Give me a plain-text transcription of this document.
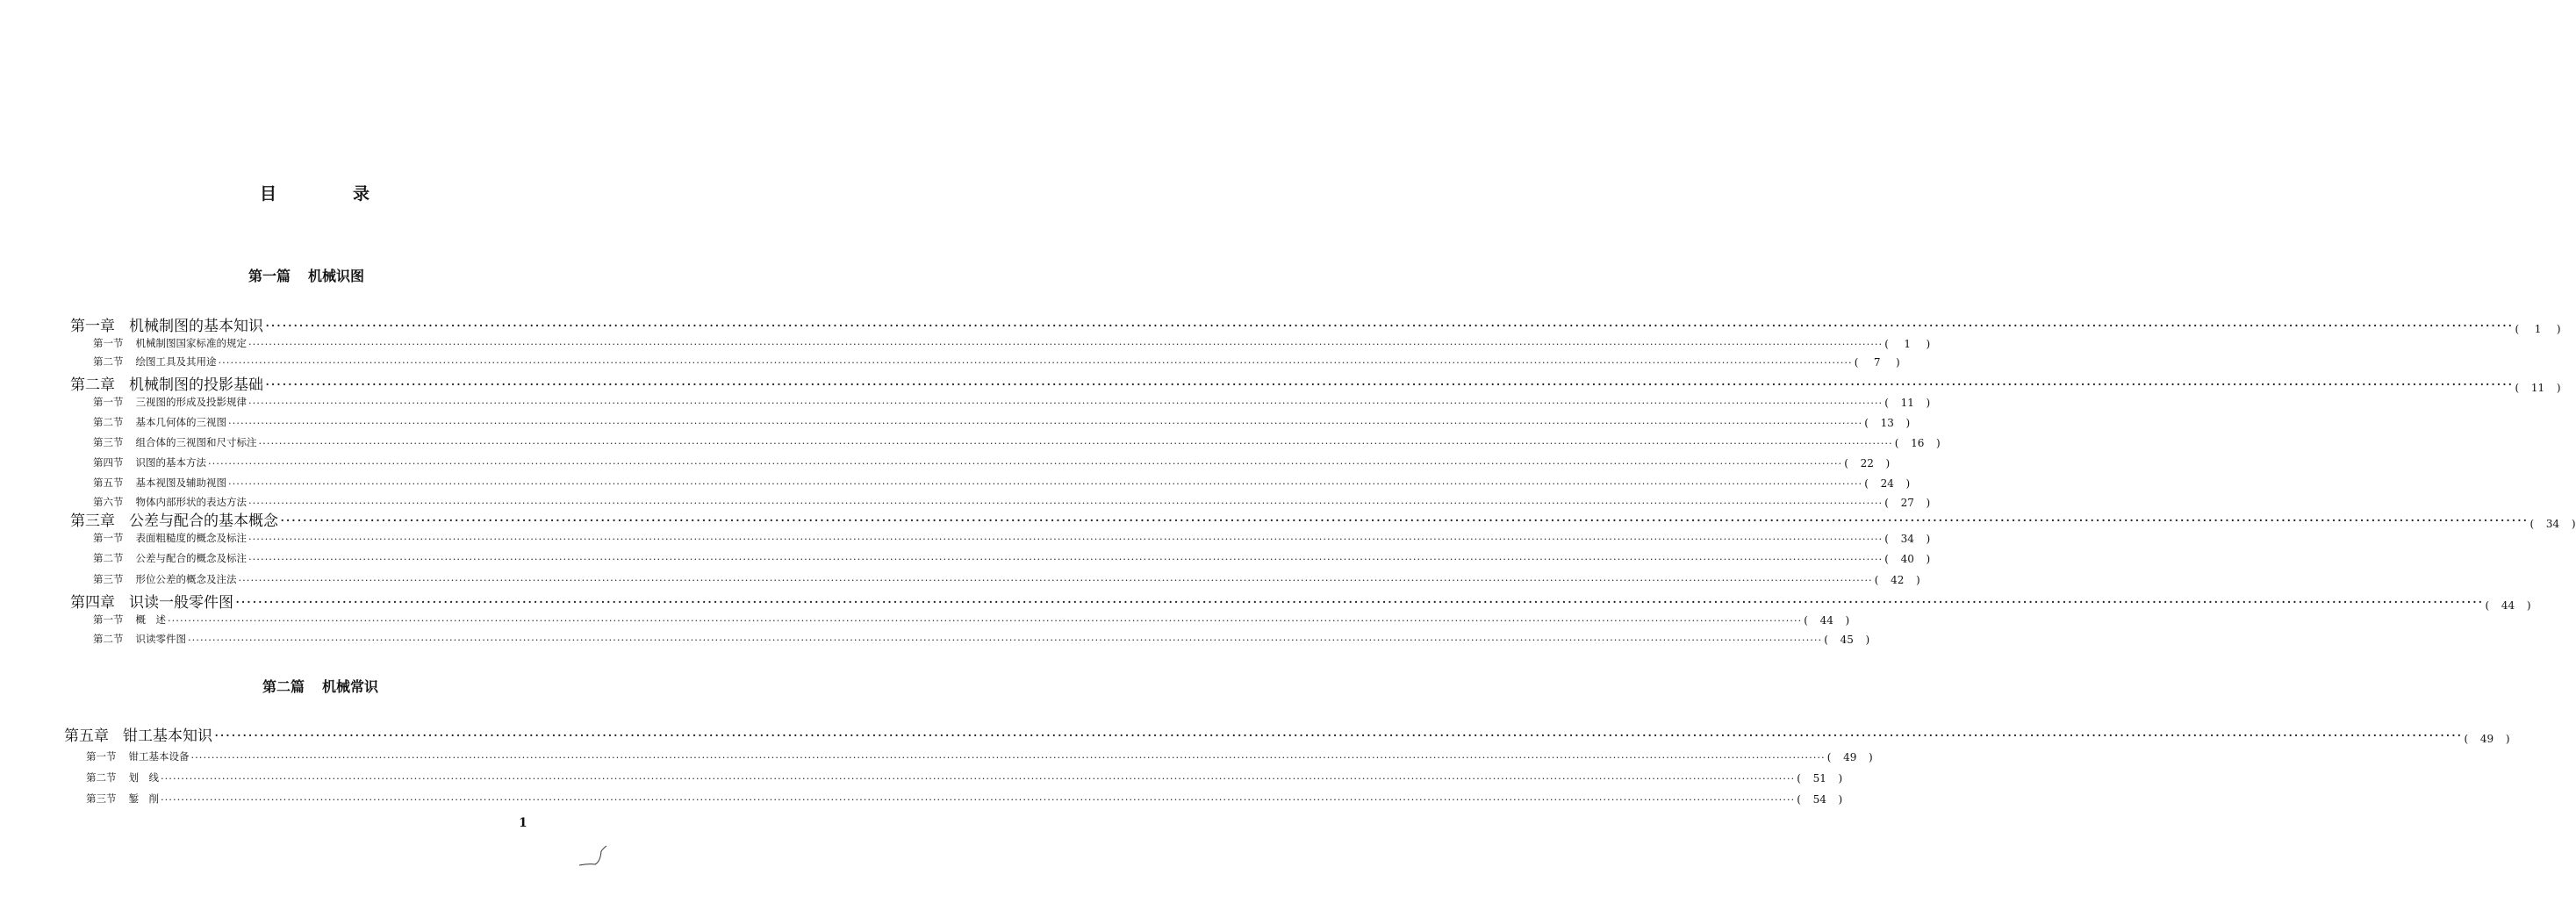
目	录
第一篇 机械识图
第一章 机械制图的基本知识 ················································································································································································································································································································································································································ ( 1 )
第一节 机械制图国家标准的规定 ················································································································································································································································································································································································································ ( 1 )
第二节 绘图工具及其用途 ················································································································································································································································································································································································································ ( 7 )
第二章 机械制图的投影基础 ················································································································································································································································································································································································································ ( 11 )
第一节 三视图的形成及投影规律 ················································································································································································································································································································································································································ ( 11 )
第二节 基本几何体的三视图 ················································································································································································································································································································································································································ ( 13 )
第三节 组合体的三视图和尺寸标注 ················································································································································································································································································································································································································ ( 16 )
第四节 识图的基本方法 ················································································································································································································································································································································································································ ( 22 )
第五节 基本视图及辅助视图 ················································································································································································································································································································································································································ ( 24 )
第六节 物体内部形状的表达方法 ················································································································································································································································································································································································································ ( 27 )
第三章 公差与配合的基本概念 ················································································································································································································································································································································································································ ( 34 )
第一节 表面粗糙度的概念及标注 ················································································································································································································································································································································································································ ( 34 )
第二节 公差与配合的概念及标注 ················································································································································································································································································································································································································ ( 40 )
第三节 形位公差的概念及注法 ················································································································································································································································································································································································································ ( 42 )
第四章 识读一般零件图 ················································································································································································································································································································································································································ ( 44 )
第一节 概　述 ················································································································································································································································································································································································································ ( 44 )
第二节 识读零件图 ················································································································································································································································································································································································································ ( 45 )
第二篇 机械常识
第五章 钳工基本知识 ················································································································································································································································································································································································································ ( 49 )
第一节 钳工基本设备 ················································································································································································································································································································································································································ ( 49 )
第二节 划　线 ················································································································································································································································································································································································································ ( 51 )
第三节 錾　削 ················································································································································································································································································································································································································ ( 54 )
1
